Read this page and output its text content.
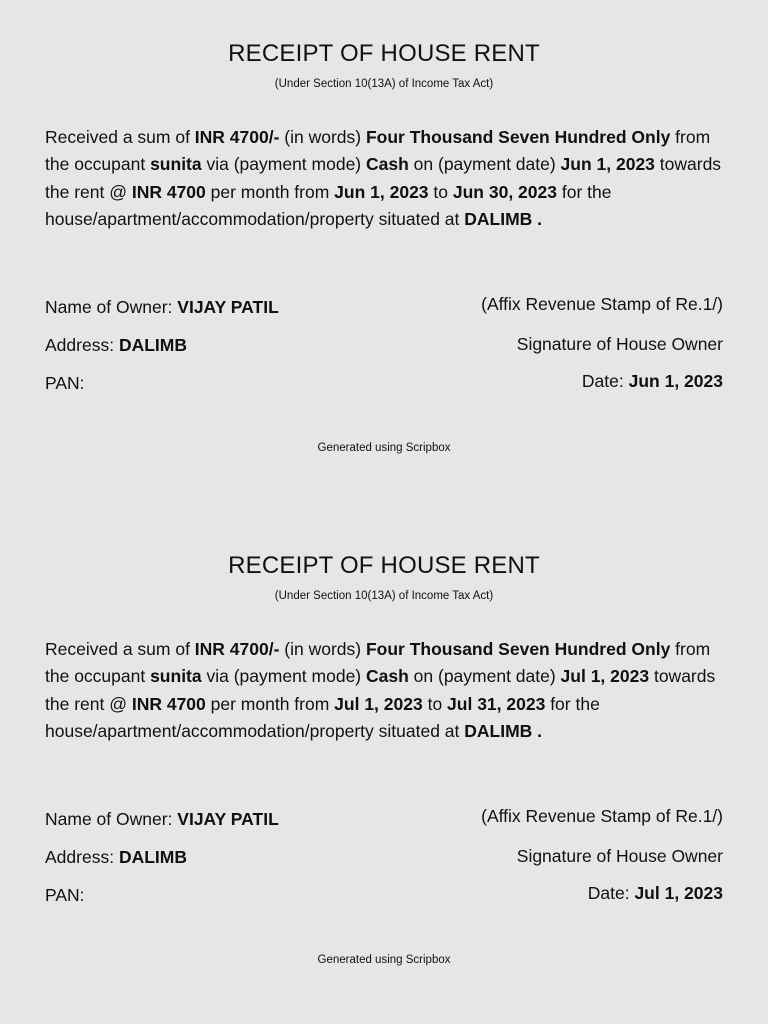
RECEIPT OF HOUSE RENT
(Under Section 10(13A) of Income Tax Act)
Received a sum of INR 4700/- (in words) Four Thousand Seven Hundred Only from the occupant sunita via (payment mode) Cash on (payment date) Jun 1, 2023 towards the rent @ INR 4700 per month from Jun 1, 2023 to Jun 30, 2023 for the house/apartment/accommodation/property situated at DALIMB .
Name of Owner: VIJAY PATIL
Address: DALIMB
PAN:
(Affix Revenue Stamp of Re.1/)
Signature of House Owner
Date: Jun 1, 2023
Generated using Scripbox
RECEIPT OF HOUSE RENT
(Under Section 10(13A) of Income Tax Act)
Received a sum of INR 4700/- (in words) Four Thousand Seven Hundred Only from the occupant sunita via (payment mode) Cash on (payment date) Jul 1, 2023 towards the rent @ INR 4700 per month from Jul 1, 2023 to Jul 31, 2023 for the house/apartment/accommodation/property situated at DALIMB .
Name of Owner: VIJAY PATIL
Address: DALIMB
PAN:
(Affix Revenue Stamp of Re.1/)
Signature of House Owner
Date: Jul 1, 2023
Generated using Scripbox
